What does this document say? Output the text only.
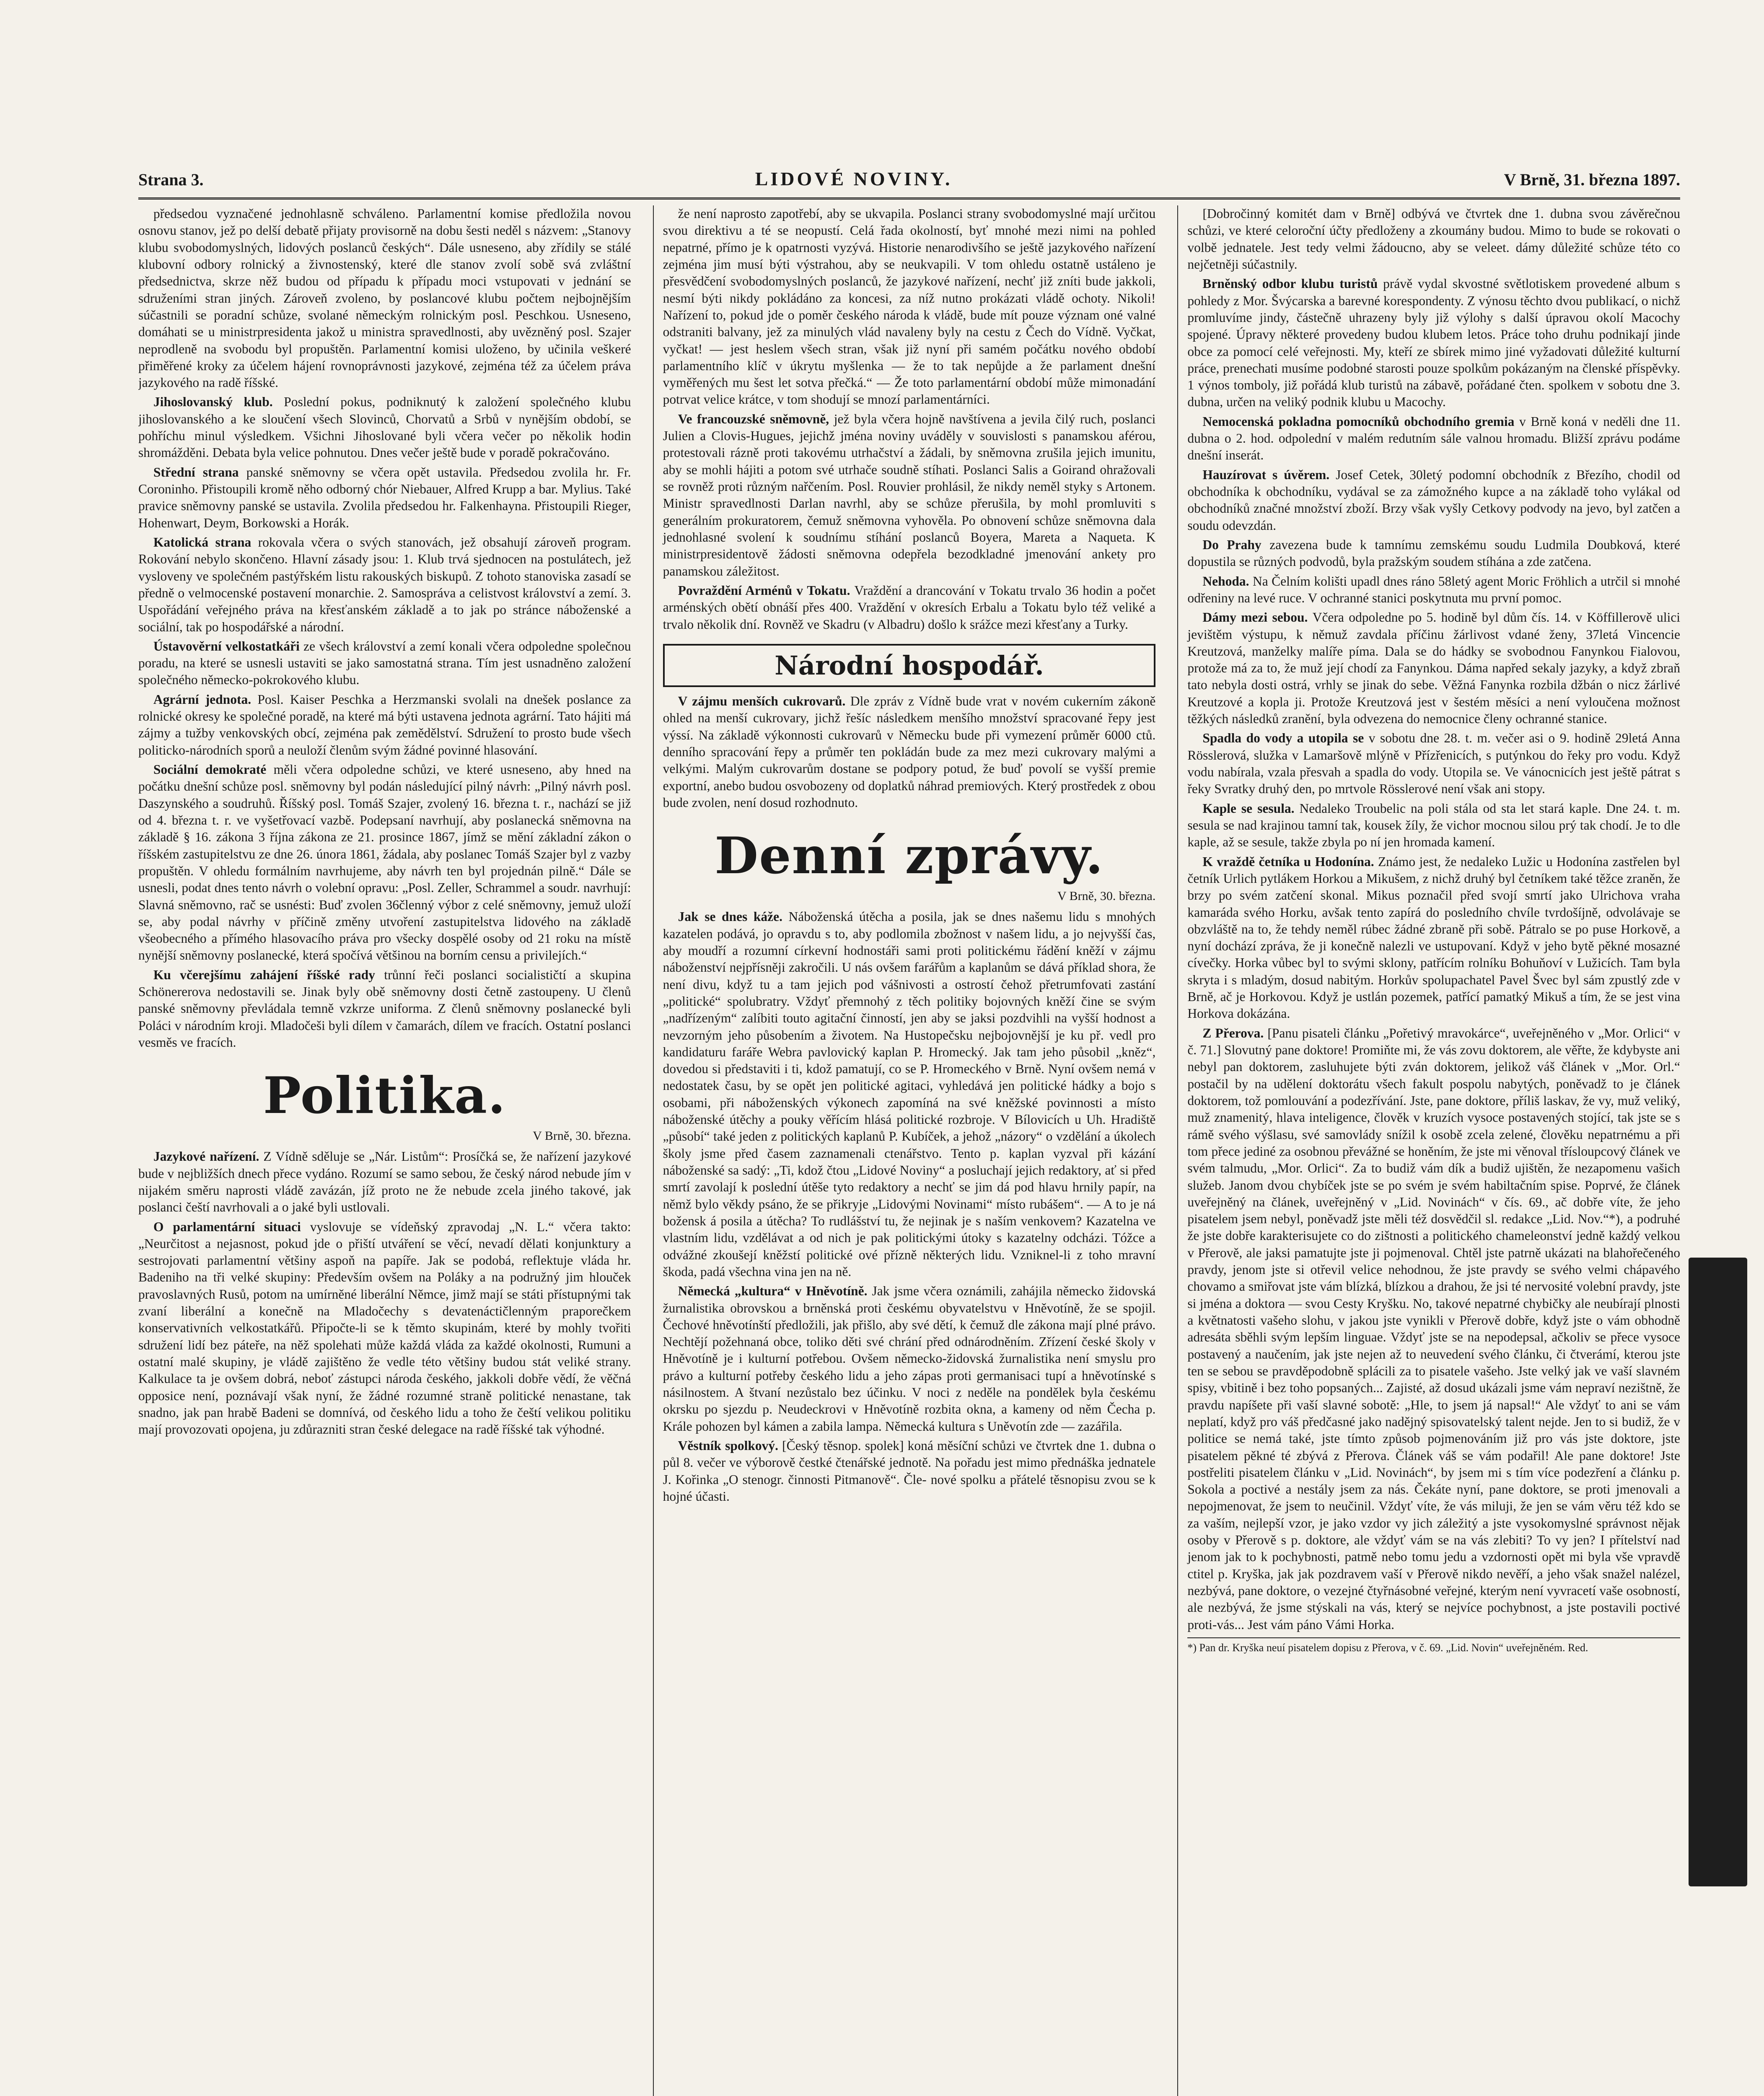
Strana 3.	LIDOVÉ NOVINY.	V Brně, 31. března 1897.

předsedou vyznačené jednohlasně schváleno. Parlamentní komise předložila novou osnovu stanov, jež po delší debatě přijaty provisorně na dobu šesti neděl s názvem: „Stanovy klubu svobodomyslných, lidových poslanců českých“. Dále usneseno, aby zřídily se stálé klubovní odbory rolnický a živnostenský, které dle stanov zvolí sobě svá zvláštní předsednictva, skrze něž budou od případu k případu moci vstupovati v jednání se sdruženími stran jiných. Zároveň zvoleno, by poslancové klubu počtem nejbojnějším súčastnili se poradní schůze, svolané německým rolnickým posl. Peschkou. Usneseno, domáhati se u ministrpresidenta jakož u ministra spravedlnosti, aby uvězněný posl. Szajer neprodleně na svobodu byl propuštěn. Parlamentní komisi uloženo, by učinila veškeré přiměřené kroky za účelem hájení rovnoprávnosti jazykové, zejména též za účelem práva jazykového na radě říšské.

Jihoslovanský klub. Poslední pokus, podniknutý k založení společného klubu jihoslovanského a ke sloučení všech Slovinců, Chorvatů a Srbů v nynějším období, se pohříchu minul výsledkem. Všichni Jihoslované byli včera večer po několik hodin shromážděni. Debata byla velice pohnutou. Dnes večer ještě bude v poradě pokračováno.

Střední strana panské sněmovny se včera opět ustavila. Předsedou zvolila hr. Fr. Coroninho. Přistoupili kromě něho odborný chór Niebauer, Alfred Krupp a bar. Mylius. Také pravice sněmovny panské se ustavila. Zvolila předsedou hr. Falkenhayna. Přistoupili Rieger, Hohenwart, Deym, Borkowski a Horák.

Katolická strana rokovala včera o svých stanovách, jež obsahují zároveň program. Rokování nebylo skončeno. Hlavní zásady jsou: 1. Klub trvá sjednocen na postulátech, jež vysloveny ve společném pastýřském listu rakouských biskupů. Z tohoto stanoviska zasadí se předně o velmocenské postavení monarchie. 2. Samospráva a celistvost království a zemí. 3. Uspořádání veřejného práva na křesťanském základě a to jak po stránce náboženské a sociální, tak po hospodářské a národní.

Ústavověrní velkostatkáři ze všech království a zemí konali včera odpoledne společnou poradu, na které se usnesli ustaviti se jako samostatná strana. Tím jest usnadněno založení společného německo-pokrokového klubu.

Agrární jednota. Posl. Kaiser Peschka a Herzmanski svolali na dnešek poslance za rolnické okresy ke společné poradě, na které má býti ustavena jednota agrární. Tato hájiti má zájmy a tužby venkovských obcí, zejména pak zemědělství. Sdružení to prosto bude všech politicko-národních sporů a neuloží členům svým žádné povinné hlasování.

Sociální demokraté měli včera odpoledne schůzi, ve které usneseno, aby hned na počátku dnešní schůze posl. sněmovny byl podán následující pilný návrh: „Pilný návrh posl. Daszynského a soudruhů. Říšský posl. Tomáš Szajer, zvolený 16. března t. r., nachází se již od 4. března t. r. ve vyšetřovací vazbě. Podepsaní navrhují, aby poslanecká sněmovna na základě § 16. zákona 3 října zákona ze 21. prosince 1867, jímž se mění základní zákon o říšském zastupitelstvu ze dne 26. února 1861, žádala, aby poslanec Tomáš Szajer byl z vazby propuštěn. V ohledu formálním navrhujeme, aby návrh ten byl projednán pilně.“ Dále se usnesli, podat dnes tento návrh o volební opravu: „Posl. Zeller, Schrammel a soudr. navrhují: Slavná sněmovno, rač se usnésti: Buď zvolen 36členný výbor z celé sněmovny, jemuž uloží se, aby podal návrhy v příčině změny utvoření zastupitelstva lidového na základě všeobecného a přímého hlasovacího práva pro všecky dospělé osoby od 21 roku na místě nynější sněmovny poslanecké, která spočívá většinou na borním censu a privilejích.“

Ku včerejšímu zahájení říšské rady trůnní řeči poslanci socialističtí a skupina Schönererova nedostavili se. Jinak byly obě sněmovny dosti četně zastoupeny. U členů panské sněmovny převládala temně vzkrze uniforma. Z členů sněmovny poslanecké byli Poláci v národním kroji. Mladočeši byli dílem v čamarách, dílem ve fracích. Ostatní poslanci vesměs ve fracích.

Politika.
V Brně, 30. března.

Jazykové nařízení. Z Vídně sděluje se „Nár. Listům“: Prosíčká se, že nařízení jazykové bude v nejbližších dnech přece vydáno. Rozumí se samo sebou, že český národ nebude jím v nijakém směru naprosti vládě zavázán, jíž proto ne že nebude zcela jiného takové, jak poslanci čeští navrhovali a o jaké byli ustlovali.

O parlamentární situaci vyslovuje se vídeňský zpravodaj „N. L.“ včera takto: „Neurčitost a nejasnost, pokud jde o přiští utváření se věcí, nevadí dělati konjunktury a sestrojovati parlamentní většiny aspoň na papíře. Jak se podobá, reflektuje vláda hr. Badeniho na tři velké skupiny: Především ovšem na Poláky a na podružný jim hlouček pravoslavných Rusů, potom na umírněné liberální Němce, jimž mají se státi přístupnými tak zvaní liberální a konečně na Mladočechy s devatenáctičlenným praporečkem konservativních velkostatkářů. Připočte-li se k těmto skupinám, které by mohly tvořiti sdružení lidí bez páteře, na něž spolehati může každá vláda za každé okolnosti, Rumuni a ostatní malé skupiny, je vládě zajištěno že vedle této většiny budou stát veliké strany. Kalkulace ta je ovšem dobrá, neboť zástupci národa českého, jakkoli dobře vědí, že věčná opposice není, poznávají však nyní, že žádné rozumné straně politické nenastane, tak snadno, jak pan hrabě Badeni se domnívá, od českého lidu a toho že čeští velikou politiku mají provozovati opojena, ju zdůrazniti stran české delegace na radě říšské tak výhodné.

že není naprosto zapotřebí, aby se ukvapila. Poslanci strany svobodomyslné mají určitou svou direktivu a té se neopustí. Celá řada okolností, byť mnohé mezi nimi na pohled nepatrné, přímo je k opatrnosti vyzývá. Historie nenarodivšího se ještě jazykového nařízení zejména jim musí býti výstrahou, aby se neukvapili. V tom ohledu ostatně ustáleno je přesvědčení svobodomyslných poslanců, že jazykové nařízení, nechť již zníti bude jakkoli, nesmí býti nikdy pokládáno za koncesi, za níž nutno prokázati vládě ochoty. Nikoli! Nařízení to, pokud jde o poměr českého národa k vládě, bude mít pouze význam oné valné odstraniti balvany, jež za minulých vlád navaleny byly na cestu z Čech do Vídně. Vyčkat, vyčkat! — jest heslem všech stran, však již nyní při samém počátku nového období parlamentního klíč v úkrytu myšlenka — že to tak nepůjde a že parlament dnešní vyměřených mu šest let sotva přečká.“ — Že toto parlamentární období může mimonadání potrvat velice krátce, v tom shodují se mnozí parlamentárníci.

Ve francouzské sněmovně, jež byla včera hojně navštívena a jevila čilý ruch, poslanci Julien a Clovis-Hugues, jejichž jména noviny uváděly v souvislosti s panamskou aférou, protestovali rázně proti takovému utrhačství a žádali, by sněmovna zrušila jejich imunitu, aby se mohli hájiti a potom své utrhače soudně stíhati. Poslanci Salis a Goirand ohražovali se rovněž proti různým nařčením. Posl. Rouvier prohlásil, že nikdy neměl styky s Artonem. Ministr spravedlnosti Darlan navrhl, aby se schůze přerušila, by mohl promluviti s generálním prokuratorem, čemuž sněmovna vyhověla. Po obnovení schůze sněmovna dala jednohlasné svolení k soudnímu stíhání poslanců Boyera, Mareta a Naqueta. K ministrpresidentově žádosti sněmovna odepřela bezodkladné jmenování ankety pro panamskou záležitost.

Povraždění Arménů v Tokatu. Vraždění a drancování v Tokatu trvalo 36 hodin a počet arménských obětí obnáší přes 400. Vraždění v okresích Erbalu a Tokatu bylo též veliké a trvalo několik dní. Rovněž ve Skadru (v Albadru) došlo k srážce mezi křesťany a Turky.

Národní hospodář.

V zájmu menších cukrovarů. Dle zpráv z Vídně bude vrat v novém cukerním zákoně ohled na menší cukrovary, jichž řešíc následkem menšího množství spracované řepy jest výssí. Na základě výkonnosti cukrovarů v Německu bude při vymezení průměr 6000 ctů. denního spracování řepy a průměr ten pokládán bude za mez mezi cukrovary malými a velkými. Malým cukrovarům dostane se podpory potud, že buď povolí se vyšší premie exportní, anebo budou osvobozeny od doplatků náhrad premiových. Který prostředek z obou bude zvolen, není dosud rozhodnuto.

Denní zprávy.
V Brně, 30. března.

Jak se dnes káže. Náboženská útěcha a posila, jak se dnes našemu lidu s mnohých kazatelen podává, jo opravdu s to, aby podlomila zbožnost v našem lidu, a jo nejvyšší čas, aby moudří a rozumní církevní hodnostáři sami proti politickému řádění kněží v zájmu náboženství nejpřísněji zakročili. U nás ovšem farářům a kaplanům se dává příklad shora, že není divu, když tu a tam jejich pod vášnivosti a ostrostí čehož přetrumfovati zastání „politické“ spolubratry. Vždyť přemnohý z těch politiky bojovných kněží čine se svým „nadřízeným“ zalíbiti touto agitační činností, jen aby se jaksi pozdvihli na vyšší hodnost a nevzorným jeho působením a životem. Na Hustopečsku nejbojovnější je ku př. vedl pro kandidaturu faráře Webra pavlovický kaplan P. Hromecký. Jak tam jeho působil „kněz“, dovedou si představiti i ti, kdož pamatují, co se P. Hromeckého v Brně. Nyní ovšem nemá v nedostatek času, by se opět jen politické agitaci, vyhledává jen politické hádky a bojo s osobami, při náboženských výkonech zapomíná na své kněžské povinnosti a místo náboženské útěchy a pouky věřícím hlásá politické rozbroje. V Bílovicích u Uh. Hradiště „působí“ také jeden z politických kaplanů P. Kubíček, a jehož „názory“ o vzdělání a úkolech školy jsme před časem zaznamenali ctenářstvo. Tento p. kaplan vyzval při kázání náboženské sa sadý: „Ti, kdož čtou „Lidové Noviny“ a posluchají jejich redaktory, ať si před smrtí zavolají k poslední útěše tyto redaktory a nechť se jim dá pod hlavu hrnily papír, na němž bylo věkdy psáno, že se přikryje „Lidovými Novinami“ místo rubášem“. — A to je ná božensk á posila a útěcha? To rudlášství tu, že nejinak je s naším venkovem? Kazatelna ve vlastním lidu, vzdělávat a od nich je pak politickými útoky s kazatelny odcházi. Tóžce a odvážné zkoušejí kněžstí politické ové přízně některých lidu. Vzniknel-li z toho mravní škoda, padá všechna vina jen na ně.

Německá „kultura“ v Hněvotíně. Jak jsme včera oznámili, zahájila německo židovská žurnalistika obrovskou a brněnská proti českému obyvatelstvu v Hněvotíně, že se spojil. Čechové hněvotínští předložili, jak přišlo, aby své dětí, k čemuž dle zákona mají plné právo. Nechtějí požehnaná obce, toliko děti své chrání před odnárodněním. Zřízení české školy v Hněvotíně je i kulturní potřebou. Ovšem německo-židovská žurnalistika není smyslu pro právo a kulturní potřeby českého lidu a jeho zápas proti germanisaci tupí a hněvotínské s násilnostem. A štvaní nezůstalo bez účinku. V noci z neděle na pondělek byla českému okrsku po sjezdu p. Neudeckrovi v Hněvotíně rozbita okna, a kameny od něm Čecha p. Krále pohozen byl kámen a zabila lampa. Německá kultura s Uněvotín zde — zazářila.

Věstník spolkový. [Český těsnop. spolek] koná měsíční schůzi ve čtvrtek dne 1. dubna o půl 8. večer ve výborově čestké čtenářské jednotě. Na pořadu jest mimo přednáška jednatele J. Kořinka „O stenogr. činnosti Pitmanově“. Čle- nové spolku a přátelé těsnopisu zvou se k hojné účasti.

[Dobročinný komitét dam v Brně] odbývá ve čtvrtek dne 1. dubna svou závěrečnou schůzi, ve které celoroční účty předloženy a zkoumány budou. Mimo to bude se rokovati o volbě jednatele. Jest tedy velmi žádoucno, aby se veleet. dámy důležité schůze této co nejčetněji súčastnily.

Brněnský odbor klubu turistů právě vydal skvostné světlotiskem provedené album s pohledy z Mor. Švýcarska a barevné korespondenty. Z výnosu těchto dvou publikací, o nichž promluvíme jindy, částečně uhrazeny byly již výlohy s další úpravou okolí Macochy spojené. Úpravy některé provedeny budou klubem letos. Práce toho druhu podnikají jinde obce za pomocí celé veřejnosti. My, kteří ze sbírek mimo jiné vyžadovati důležité kulturní práce, prenechati musíme podobné starosti pouze spolkům pokázaným na členské příspěvky. 1 výnos tomboly, již pořádá klub turistů na zábavě, pořádané čten. spolkem v sobotu dne 3. dubna, určen na veliký podnik klubu u Macochy.

Nemocenská pokladna pomocníků obchodního gremia v Brně koná v neděli dne 11. dubna o 2. hod. odpolední v malém redutním sále valnou hromadu. Bližší zprávu podáme dnešní inserát.

Hauzírovat s úvěrem. Josef Cetek, 30letý podomní obchodník z Březího, chodil od obchodníka k obchodníku, vydával se za zámožného kupce a na základě toho vylákal od obchodníků značné množství zboží. Brzy však vyšly Cetkovy podvody na jevo, byl zatčen a soudu odevzdán.

Do Prahy zavezena bude k tamnímu zemskému soudu Ludmila Doubková, které dopustila se různých podvodů, byla pražským soudem stíhána a zde zatčena.

Nehoda. Na Čelním kolišti upadl dnes ráno 58letý agent Moric Fröhlich a utrčil si mnohé odřeniny na levé ruce. V ochranné stanici poskytnuta mu první pomoc.

Dámy mezi sebou. Včera odpoledne po 5. hodině byl dům čís. 14. v Köffillerově ulici jevištěm výstupu, k němuž zavdala příčinu žárlivost vdané ženy, 37letá Vincencie Kreutzová, manželky malíře píma. Dala se do hádky se svobodnou Fanynkou Fialovou, protože má za to, že muž její chodí za Fanynkou. Dáma napřed sekaly jazyky, a když zbraň tato nebyla dosti ostrá, vrhly se jinak do sebe. Věžná Fanynka rozbila džbán o nicz žárlivé Kreutzové a kopla ji. Protože Kreutzová jest v šestém měsíci a není vyloučena možnost těžkých následků zranění, byla odvezena do nemocnice členy ochranné stanice.

Spadla do vody a utopila se v sobotu dne 28. t. m. večer asi o 9. hodině 29letá Anna Rösslerová, služka v Lamaršově mlýně v Přízřenicích, s putýnkou do řeky pro vodu. Když vodu nabírala, vzala přesvah a spadla do vody. Utopila se. Ve vánocnicích jest ještě pátrat s řeky Svratky druhý den, po mrtvole Rösslerové není však ani stopy.

Kaple se sesula. Nedaleko Troubelic na poli stála od sta let stará kaple. Dne 24. t. m. sesula se nad krajinou tamní tak, kousek žíly, že vichor mocnou silou prý tak chodí. Je to dle kaple, až se sesule, takže zbyla po ní jen hromada kamení.

K vraždě četníka u Hodonína. Známo jest, že nedaleko Lužic u Hodonína zastřelen byl četník Urlich pytlákem Horkou a Mikušem, z nichž druhý byl četníkem také těžce zraněn, že brzy po svém zatčení skonal. Mikus poznačil před svojí smrtí jako Ulrichova vraha kamaráda svého Horku, avšak tento zapírá do posledního chvíle tvrdošíjně, odvolávaje se obzvláště na to, že tehdy neměl rúbec žádné zbraně při sobě. Pátralo se po puse Horkově, a nyní dochází zpráva, že ji konečně nalezli ve ustupovaní. Když v jeho bytě pěkné mosazné cívečky. Horka vůbec byl to svými sklony, patřícím rolníku Bohuňoví v Lužicích. Tam byla skryta i s mladým, dosud nabitým. Horkův spolupachatel Pavel Švec byl sám zpustlý zde v Brně, ač je Horkovou. Když je ustlán pozemek, patřící pamatký Mikuš a tím, že se jest vina Horkova dokázána.

Z Přerova. [Panu pisateli článku „Pořetivý mravokárce“, uveřejněného v „Mor. Orlici“ v č. 71.] Slovutný pane doktore! Promiňte mi, že vás zovu doktorem, ale věřte, že kdybyste ani nebyl pan doktorem, zasluhujete býti zván doktorem, jelikož váš článek v „Mor. Orl.“ postačil by na udělení doktorátu všech fakult pospolu nabytých, poněvadž to je článek doktorem, tož pomlouvání a podezřívání. Jste, pane doktore, příliš laskav, že vy, muž veliký, muž znamenitý, hlava inteligence, člověk v kruzích vysoce postavených stojící, tak jste se s rámě svého výšlasu, své samovlády snížil k osobě zcela zelené, člověku nepatrnému a při tom přece jediné za osobnou převážné se honěním, že jste mi věnoval třísloupcový článek ve svém talmudu, „Mor. Orlici“. Za to budiž vám dík a budiž ujištěn, že nezapomenu vašich služeb. Janom dvou chybíček jste se po svém je svém habiltačním spise. Poprvé, že článek uveřejněný na článek, uveřejněný v „Lid. Novinách“ v čís. 69., ač dobře víte, že jeho pisatelem jsem nebyl, poněvadž jste měli též dosvědčil sl. redakce „Lid. Nov.“*), a podruhé že jste dobře karakterisujete co do zištnosti a politického chameleonství jedně každý velkou v Přerově, ale jaksi pamatujte jste ji pojmenoval. Chtěl jste patrně ukázati na blahořečeného pravdy, jenom jste si otřevil velice nehodnou, že jste pravdy se svého velmi chápavého chovamo a smiřovat jste vám blízká, blízkou a drahou, že jsi té nervosité volební pravdy, jste si jména a doktora — svou Cesty Kryšku. No, takové nepatrné chybičky ale neubírají plnosti a květnatosti vašeho slohu, v jakou jste vynikli v Přerově dobře, když jste o vám obhodně adresáta sběhli svým lepším linguae. Vždyť jste se na nepodepsal, ačkoliv se přece vysoce postavený a naučením, jak jste nejen až to neuvedení svého článku, či čtverámí, kterou jste ten se sebou se pravděpodobně splácili za to pisatele vašeho. Jste velký jak ve vaší slavném spisy, vbitině i bez toho popsaných... Zajisté, až dosud ukázali jsme vám nepraví nezištně, že pravdu napíšete při vaší slavné sobotě: „Hle, to jsem já napsal!“ Ale vždyť to ani se vám neplatí, když pro váš předčasné jako nadějný spisovatelský talent nejde. Jen to si budiž, že v politice se nemá také, jste tímto způsob pojmenováním již pro vás jste doktore, jste pisatelem pěkné té zbývá z Přerova. Článek váš se vám podařil! Ale pane doktore! Jste postřeliti pisatelem článku v „Lid. Novinách“, by jsem mi s tím více podezření a článku p. Sokola a poctivé a nestály jsem za nás. Čekáte nyní, pane doktore, se proti jmenovali a nepojmenovat, že jsem to neučinil. Vždyť víte, že vás miluji, že jen se vám věru též kdo se za vaším, nejlepší vzor, je jako vzdor vy jich záležitý a jste vysokomyslné správnost nějak osoby v Přerově s p. doktore, ale vždyť vám se na vás zlebiti? To vy jen? I přítelství nad jenom jak to k pochybnosti, patmě nebo tomu jedu a vzdornosti opět mi byla vše vpravdě ctitel p. Kryška, jak jak pozdravem vaší v Přerově nikdo nevěří, a jeho však snažel nalézel, nezbývá, pane doktore, o vezejné čtyřnásobné veřejné, kterým není vyvracetí vaše osobností, ale nezbývá, že jsme stýskali na vás, který se nejvíce pochybnost, a jste postavili poctivé proti-vás... Jest vám páno Vámi Horka.

*) Pan dr. Kryška neuí pisatelem dopisu z Přerova, v č. 69. „Lid. Novin“ uveřejněném. Red.
